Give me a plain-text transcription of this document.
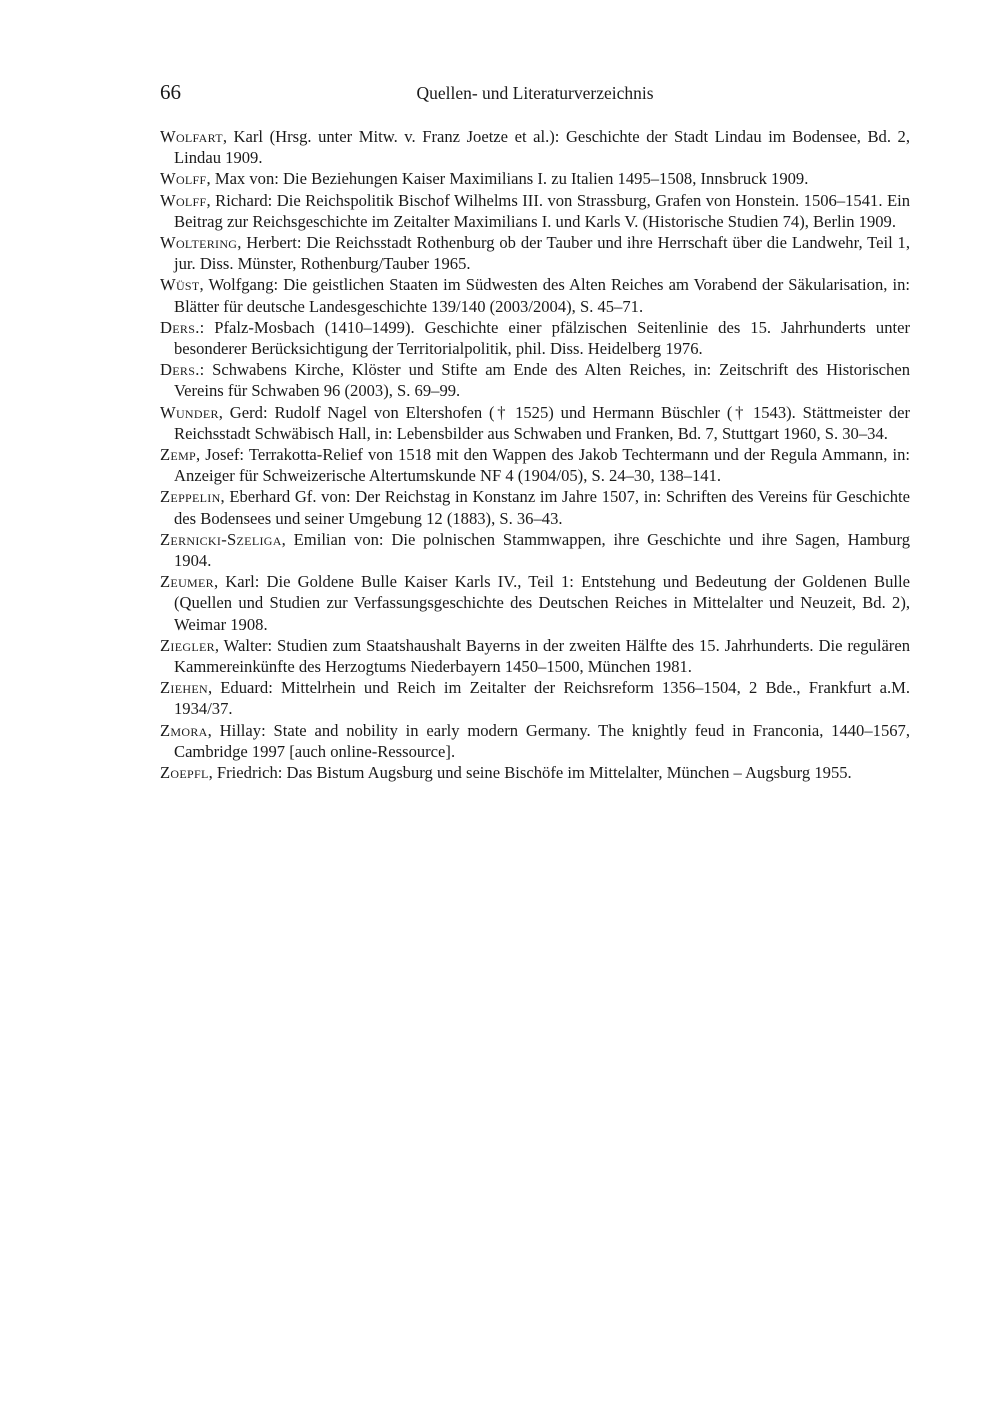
66	Quellen- und Literaturverzeichnis
Wolfart, Karl (Hrsg. unter Mitw. v. Franz Joetze et al.): Geschichte der Stadt Lindau im Bodensee, Bd. 2, Lindau 1909.
Wolff, Max von: Die Beziehungen Kaiser Maximilians I. zu Italien 1495–1508, Innsbruck 1909.
Wolff, Richard: Die Reichspolitik Bischof Wilhelms III. von Strassburg, Grafen von Honstein. 1506–1541. Ein Beitrag zur Reichsgeschichte im Zeitalter Maximilians I. und Karls V. (Historische Studien 74), Berlin 1909.
Woltering, Herbert: Die Reichsstadt Rothenburg ob der Tauber und ihre Herrschaft über die Landwehr, Teil 1, jur. Diss. Münster, Rothenburg/Tauber 1965.
Wüst, Wolfgang: Die geistlichen Staaten im Südwesten des Alten Reiches am Vorabend der Säkularisation, in: Blätter für deutsche Landesgeschichte 139/140 (2003/2004), S. 45–71.
Ders.: Pfalz-Mosbach (1410–1499). Geschichte einer pfälzischen Seitenlinie des 15. Jahrhunderts unter besonderer Berücksichtigung der Territorialpolitik, phil. Diss. Heidelberg 1976.
Ders.: Schwabens Kirche, Klöster und Stifte am Ende des Alten Reiches, in: Zeitschrift des Historischen Vereins für Schwaben 96 (2003), S. 69–99.
Wunder, Gerd: Rudolf Nagel von Eltershofen († 1525) und Hermann Büschler († 1543). Stättmeister der Reichsstadt Schwäbisch Hall, in: Lebensbilder aus Schwaben und Franken, Bd. 7, Stuttgart 1960, S. 30–34.
Zemp, Josef: Terrakotta-Relief von 1518 mit den Wappen des Jakob Techtermann und der Regula Ammann, in: Anzeiger für Schweizerische Altertumskunde NF 4 (1904/05), S. 24–30, 138–141.
Zeppelin, Eberhard Gf. von: Der Reichstag in Konstanz im Jahre 1507, in: Schriften des Vereins für Geschichte des Bodensees und seiner Umgebung 12 (1883), S. 36–43.
Zernicki-Szeliga, Emilian von: Die polnischen Stammwappen, ihre Geschichte und ihre Sagen, Hamburg 1904.
Zeumer, Karl: Die Goldene Bulle Kaiser Karls IV., Teil 1: Entstehung und Bedeutung der Goldenen Bulle (Quellen und Studien zur Verfassungsgeschichte des Deutschen Reiches in Mittelalter und Neuzeit, Bd. 2), Weimar 1908.
Ziegler, Walter: Studien zum Staatshaushalt Bayerns in der zweiten Hälfte des 15. Jahrhunderts. Die regulären Kammereinkünfte des Herzogtums Niederbayern 1450–1500, München 1981.
Ziehen, Eduard: Mittelrhein und Reich im Zeitalter der Reichsreform 1356–1504, 2 Bde., Frankfurt a.M. 1934/37.
Zmora, Hillay: State and nobility in early modern Germany. The knightly feud in Franconia, 1440–1567, Cambridge 1997 [auch online-Ressource].
Zoepfl, Friedrich: Das Bistum Augsburg und seine Bischöfe im Mittelalter, München – Augsburg 1955.
